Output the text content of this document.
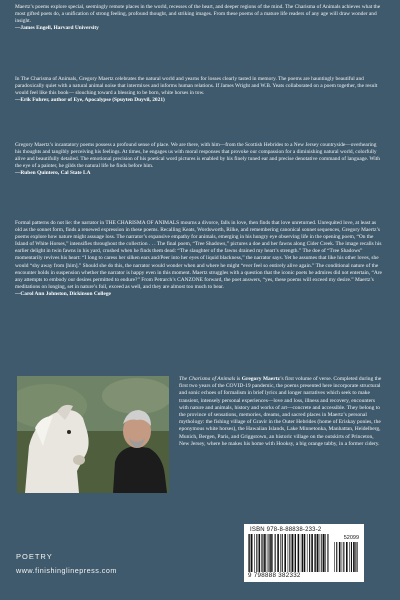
Maertz’s poems explore special, seemingly remote places in the world, recesses of the heart, and deeper regions of the mind. The Charisma of Animals achieves what the most gifted poets do, a unification of strong feeling, profound thought, and striking images. From these poems of a mature life readers of any age will draw wonder and insight.

—James Engell, Harvard University

In The Charisma of Animals, Gregory Maertz celebrates the natural world and yearns for losses clearly tasted in memory. The poems are hauntingly beautiful and paradoxically quiet with a natural animal noise that intermixes and informs human relations. If James Wright and W.B. Yeats collaborated on a poem together, the result would feel like this book— slouching toward a blessing to be born, white horses in tow.

—Erik Fuhrer, author of Eye, Apocalypse (Spuyten Duyvil, 2021)

Gregory Maertz’s incantatory poems possess a profound sense of place. We are there, with him—from the Scottish Hebrides to a New Jersey countryside—overhearing his thoughts and tangibly perceiving his feelings. At times, he engages us with moral responses that provoke our compassion for a diminishing natural world, colorfully alive and beautifully detailed. The emotional precision of his poetical word pictures is enabled by his finely tuned ear and precise denotative command of language. With the eye of a painter, he gilds the natural life he finds before him.

—Ruben Quintero, Cal State LA

Formal patterns do not lie: the narrator in THE CHARISMA OF ANIMALS mourns a divorce, falls in love, then finds that love unreturned. Unrequited love, at least as old as the sonnet form, finds a renewed expression in these poems. Recalling Keats, Wordsworth, Rilke, and remembering canonical sonnet sequences, Gregory Maertz’s poems explore how nature might assuage loss. The narrator’s expansive empathy for animals, emerging in his hungry eye observing life in the opening poem, “On the Island of White Horses,” intensifies throughout the collection . . . The final poem, “Tree Shadows,” pictures a doe and her fawns along Cider Creek. The image recalls his earlier delight in twin fawns in his yard, crushed when he finds them dead: “The slaughter of the fawns drained my heart’s strength.” The doe of “Tree Shadows” momentarily revives his heart: “I long to caress her silken ears and/Peer into her eyes of liquid blackness,” the narrator says. Yet he assumes that like his other loves, she would “shy away from [him].” Should she do this, the narrator would wonder when and where he might “ever feel so entirely alive again.” The conditional nature of the encounter holds in suspension whether the narrator is happy even in this moment. Maertz struggles with a question that the iconic poets he admires did not entertain, “Are any attempts to embody our desires permitted to endure?” From Petrarch’s CANZONE forward, the poet answers, “yes, these poems will exceed my desire.” Maertz’s meditations on longing, set in nature’s foil, exceed as well, and they are almost too much to bear.

—Carol Ann Johnston, Dickinson College

The Charisma of Animals is Gregory Maertz’s first volume of verse. Completed during the first two years of the COVID-19 pandemic, the poems presented here incorporate structural and sonic echoes of formalism in brief lyrics and longer narratives which seek to make transient, intensely personal experiences—love and loss, illness and recovery, encounters with nature and animals, history and works of art—concrete and accessible. They belong to the province of sensations, memories, dreams, and sacred places in Maertz’s personal mythology: the fishing village of Gravir in the Outer Hebrides (home of Eriskay ponies, the eponymous white horses), the Hawaiian Islands, Lake Minnetonka, Manhattan, Heidelberg, Munich, Bergen, Paris, and Griggstown, an historic village on the outskirts of Princeton, New Jersey, where he makes his home with Hooksy, a big orange tabby, in a former cidery.
ISBN 978-8-88838-233-2
52099
9 798888 382332
POETRY
www.finishinglinepress.com
